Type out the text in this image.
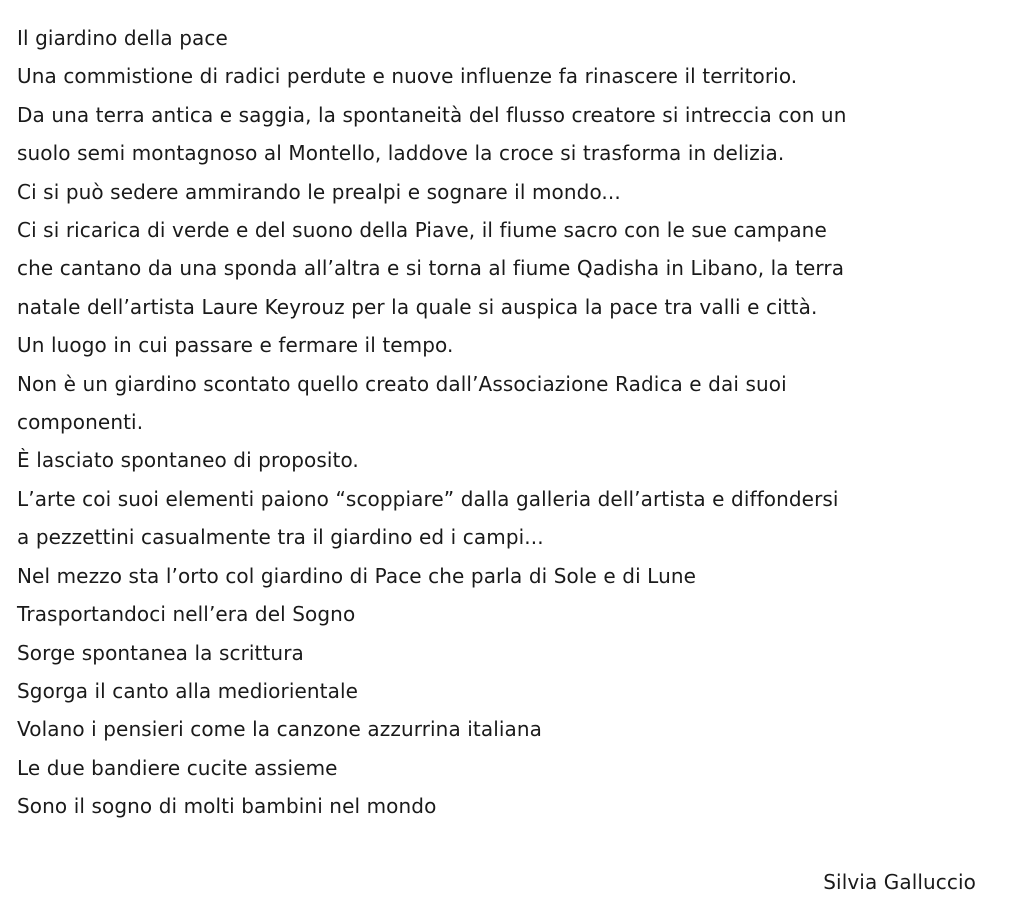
Il giardino della pace
Una commistione di radici perdute e nuove influenze fa rinascere il territorio.
Da una terra antica e saggia, la spontaneità del flusso creatore si intreccia con un
suolo semi montagnoso al Montello, laddove la croce si trasforma in delizia.
Ci si può sedere ammirando le prealpi e sognare il mondo...
Ci si ricarica di verde e del suono della Piave, il fiume sacro con le sue campane
che cantano da una sponda all’altra e si torna al fiume Qadisha in Libano, la terra
natale dell’artista Laure Keyrouz per la quale si auspica la pace tra valli e città.
Un luogo in cui passare e fermare il tempo.
Non è un giardino scontato quello creato dall’Associazione Radica e dai suoi
componenti.
È lasciato spontaneo di proposito.
L’arte coi suoi elementi paiono “scoppiare” dalla galleria dell’artista e diffondersi
a pezzettini casualmente tra il giardino ed i campi...
Nel mezzo sta l’orto col giardino di Pace che parla di Sole e di Lune
Trasportandoci nell’era del Sogno
Sorge spontanea la scrittura
Sgorga il canto alla mediorientale
Volano i pensieri come la canzone azzurrina italiana
Le due bandiere cucite assieme
Sono il sogno di molti bambini nel mondo
Silvia Galluccio
